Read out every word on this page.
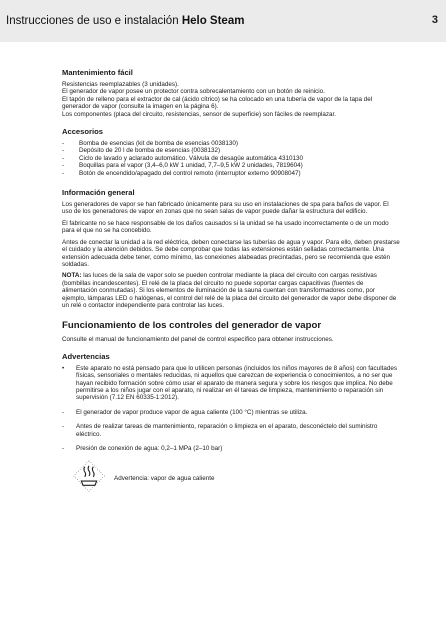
Instrucciones de uso e instalación Helo Steam	3
Mantenimiento fácil

Resistencias reemplazables (3 unidades).

El generador de vapor posee un protector contra sobrecalentamiento con un botón de reinicio.

El tapón de relleno para el extractor de cal (ácido cítrico) se ha colocado en una tubería de vapor de la tapa del generador de vapor (consulte la imagen en la página 6).

Los componentes (placa del circuito, resistencias, sensor de superficie) son fáciles de reemplazar.

Accesorios
- Bomba de esencias (kit de bomba de esencias 0038130)
- Depósito de 20 l de bomba de esencias (0038132)
- Ciclo de lavado y aclarado automático. Válvula de desagüe automática 4310130
- Boquillas para el vapor (3,4–6,0 kW 1 unidad, 7,7–9,5 kW 2 unidades, 7819604)
- Botón de encendido/apagado del control remoto (interruptor externo 90908047)
Información general

Los generadores de vapor se han fabricado únicamente para su uso en instalaciones de spa para baños de vapor. El uso de los generadores de vapor en zonas que no sean salas de vapor puede dañar la estructura del edificio.

El fabricante no se hace responsable de los daños causados si la unidad se ha usado incorrectamente o de un modo para el que no se ha concebido.

Antes de conectar la unidad a la red eléctrica, deben conectarse las tuberías de agua y vapor. Para ello, deben prestarse el cuidado y la atención debidos. Se debe comprobar que todas las extensiones están selladas correctamente. Una extensión adecuada debe tener, como mínimo, las conexiones alabeadas precintadas, pero se recomienda que estén soldadas.

NOTA: las luces de la sala de vapor solo se pueden controlar mediante la placa del circuito con cargas resistivas (bombillas incandescentes). El relé de la placa del circuito no puede soportar cargas capacitivas (fuentes de alimentación conmutadas). Si los elementos de iluminación de la sauna cuentan con transformadores como, por ejemplo, lámparas LED o halógenas, el control del relé de la placa del circuito del generador de vapor debe disponer de un relé o contactor independiente para controlar las luces.

Funcionamiento de los controles del generador de vapor

Consulte el manual de funcionamiento del panel de control específico para obtener instrucciones.

Advertencias
• Este aparato no está pensado para que lo utilicen personas (incluidos los niños mayores de 8 años) con facultades físicas, sensoriales o mentales reducidas, ni aquellos que carezcan de experiencia o conocimientos, a no ser que hayan recibido formación sobre cómo usar el aparato de manera segura y sobre los riesgos que implica. No debe permitirse a los niños jugar con el aparato, ni realizar en él tareas de limpieza, mantenimiento o reparación sin supervisión (7.12 EN 60335-1:2012).
- El generador de vapor produce vapor de agua caliente (100 °C) mientras se utiliza.
- Antes de realizar tareas de mantenimiento, reparación o limpieza en el aparato, desconéctelo del suministro eléctrico.
- Presión de conexión de agua: 0,2–1 MPa (2–10 bar)
Advertencia: vapor de agua caliente
